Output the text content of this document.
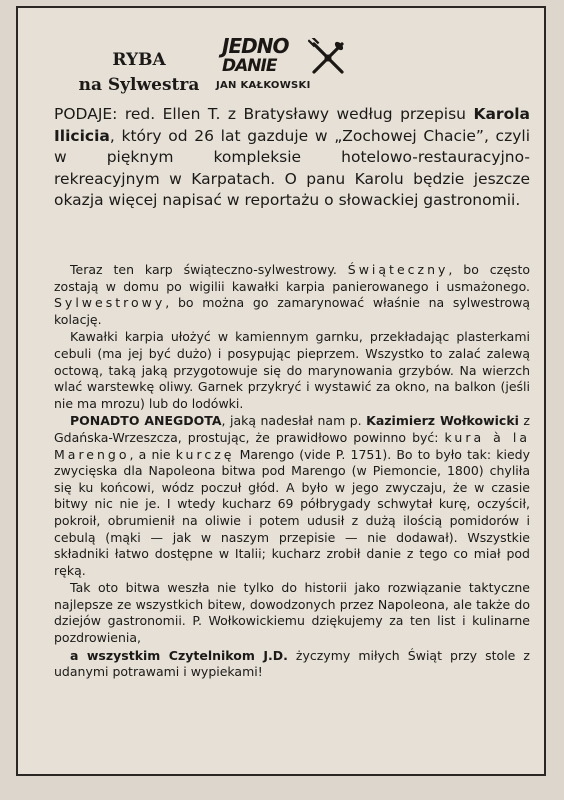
RYBA
na Sylwestra
JEDNO
DANIE
JAN KAŁKOWSKI

PODAJE: red. Ellen T. z Bratysławy według przepisu Karola Ilicicia, który od 26 lat gazduje w „Zochowej Chacie”, czyli w pięknym kompleksie hotelowo-restauracyjno-rekreacyjnym w Karpatach. O panu Karolu będzie jeszcze okazja więcej napisać w reportażu o słowackiej gastronomii.

Teraz ten karp świąteczno-sylwestrowy. Świąteczny, bo często zostają w domu po wigilii kawałki karpia panierowanego i usmażonego. Sylwestrowy, bo można go zamarynować właśnie na sylwestrową kolację.

Kawałki karpia ułożyć w kamiennym garnku, przekładając plasterkami cebuli (ma jej być dużo) i posypując pieprzem. Wszystko to zalać zalewą octową, taką jaką przygotowuje się do marynowania grzybów. Na wierzch wlać warstewkę oliwy. Garnek przykryć i wystawić za okno, na balkon (jeśli nie ma mrozu) lub do lodówki.

PONADTO ANEGDOTA, jaką nadesłał nam p. Kazimierz Wołkowicki z Gdańska-Wrzeszcza, prostując, że prawidłowo powinno być: kura à la Marengo, a nie kurczę Marengo (vide P. 1751). Bo to było tak: kiedy zwycięska dla Napoleona bitwa pod Marengo (w Piemoncie, 1800) chyliła się ku końcowi, wódz poczuł głód. A było w jego zwyczaju, że w czasie bitwy nic nie je. I wtedy kucharz 69 półbrygady schwytał kurę, oczyścił, pokroił, obrumienił na oliwie i potem udusił z dużą ilością pomidorów i cebulą (mąki — jak w naszym przepisie — nie dodawał). Wszystkie składniki łatwo dostępne w Italii; kucharz zrobił danie z tego co miał pod ręką.

Tak oto bitwa weszła nie tylko do historii jako rozwiązanie taktyczne najlepsze ze wszystkich bitew, dowodzonych przez Napoleona, ale także do dziejów gastronomii. P. Wołkowickiemu dziękujemy za ten list i kulinarne pozdrowienia,

a wszystkim Czytelnikom J.D. życzymy miłych Świąt przy stole z udanymi potrawami i wypiekami!
